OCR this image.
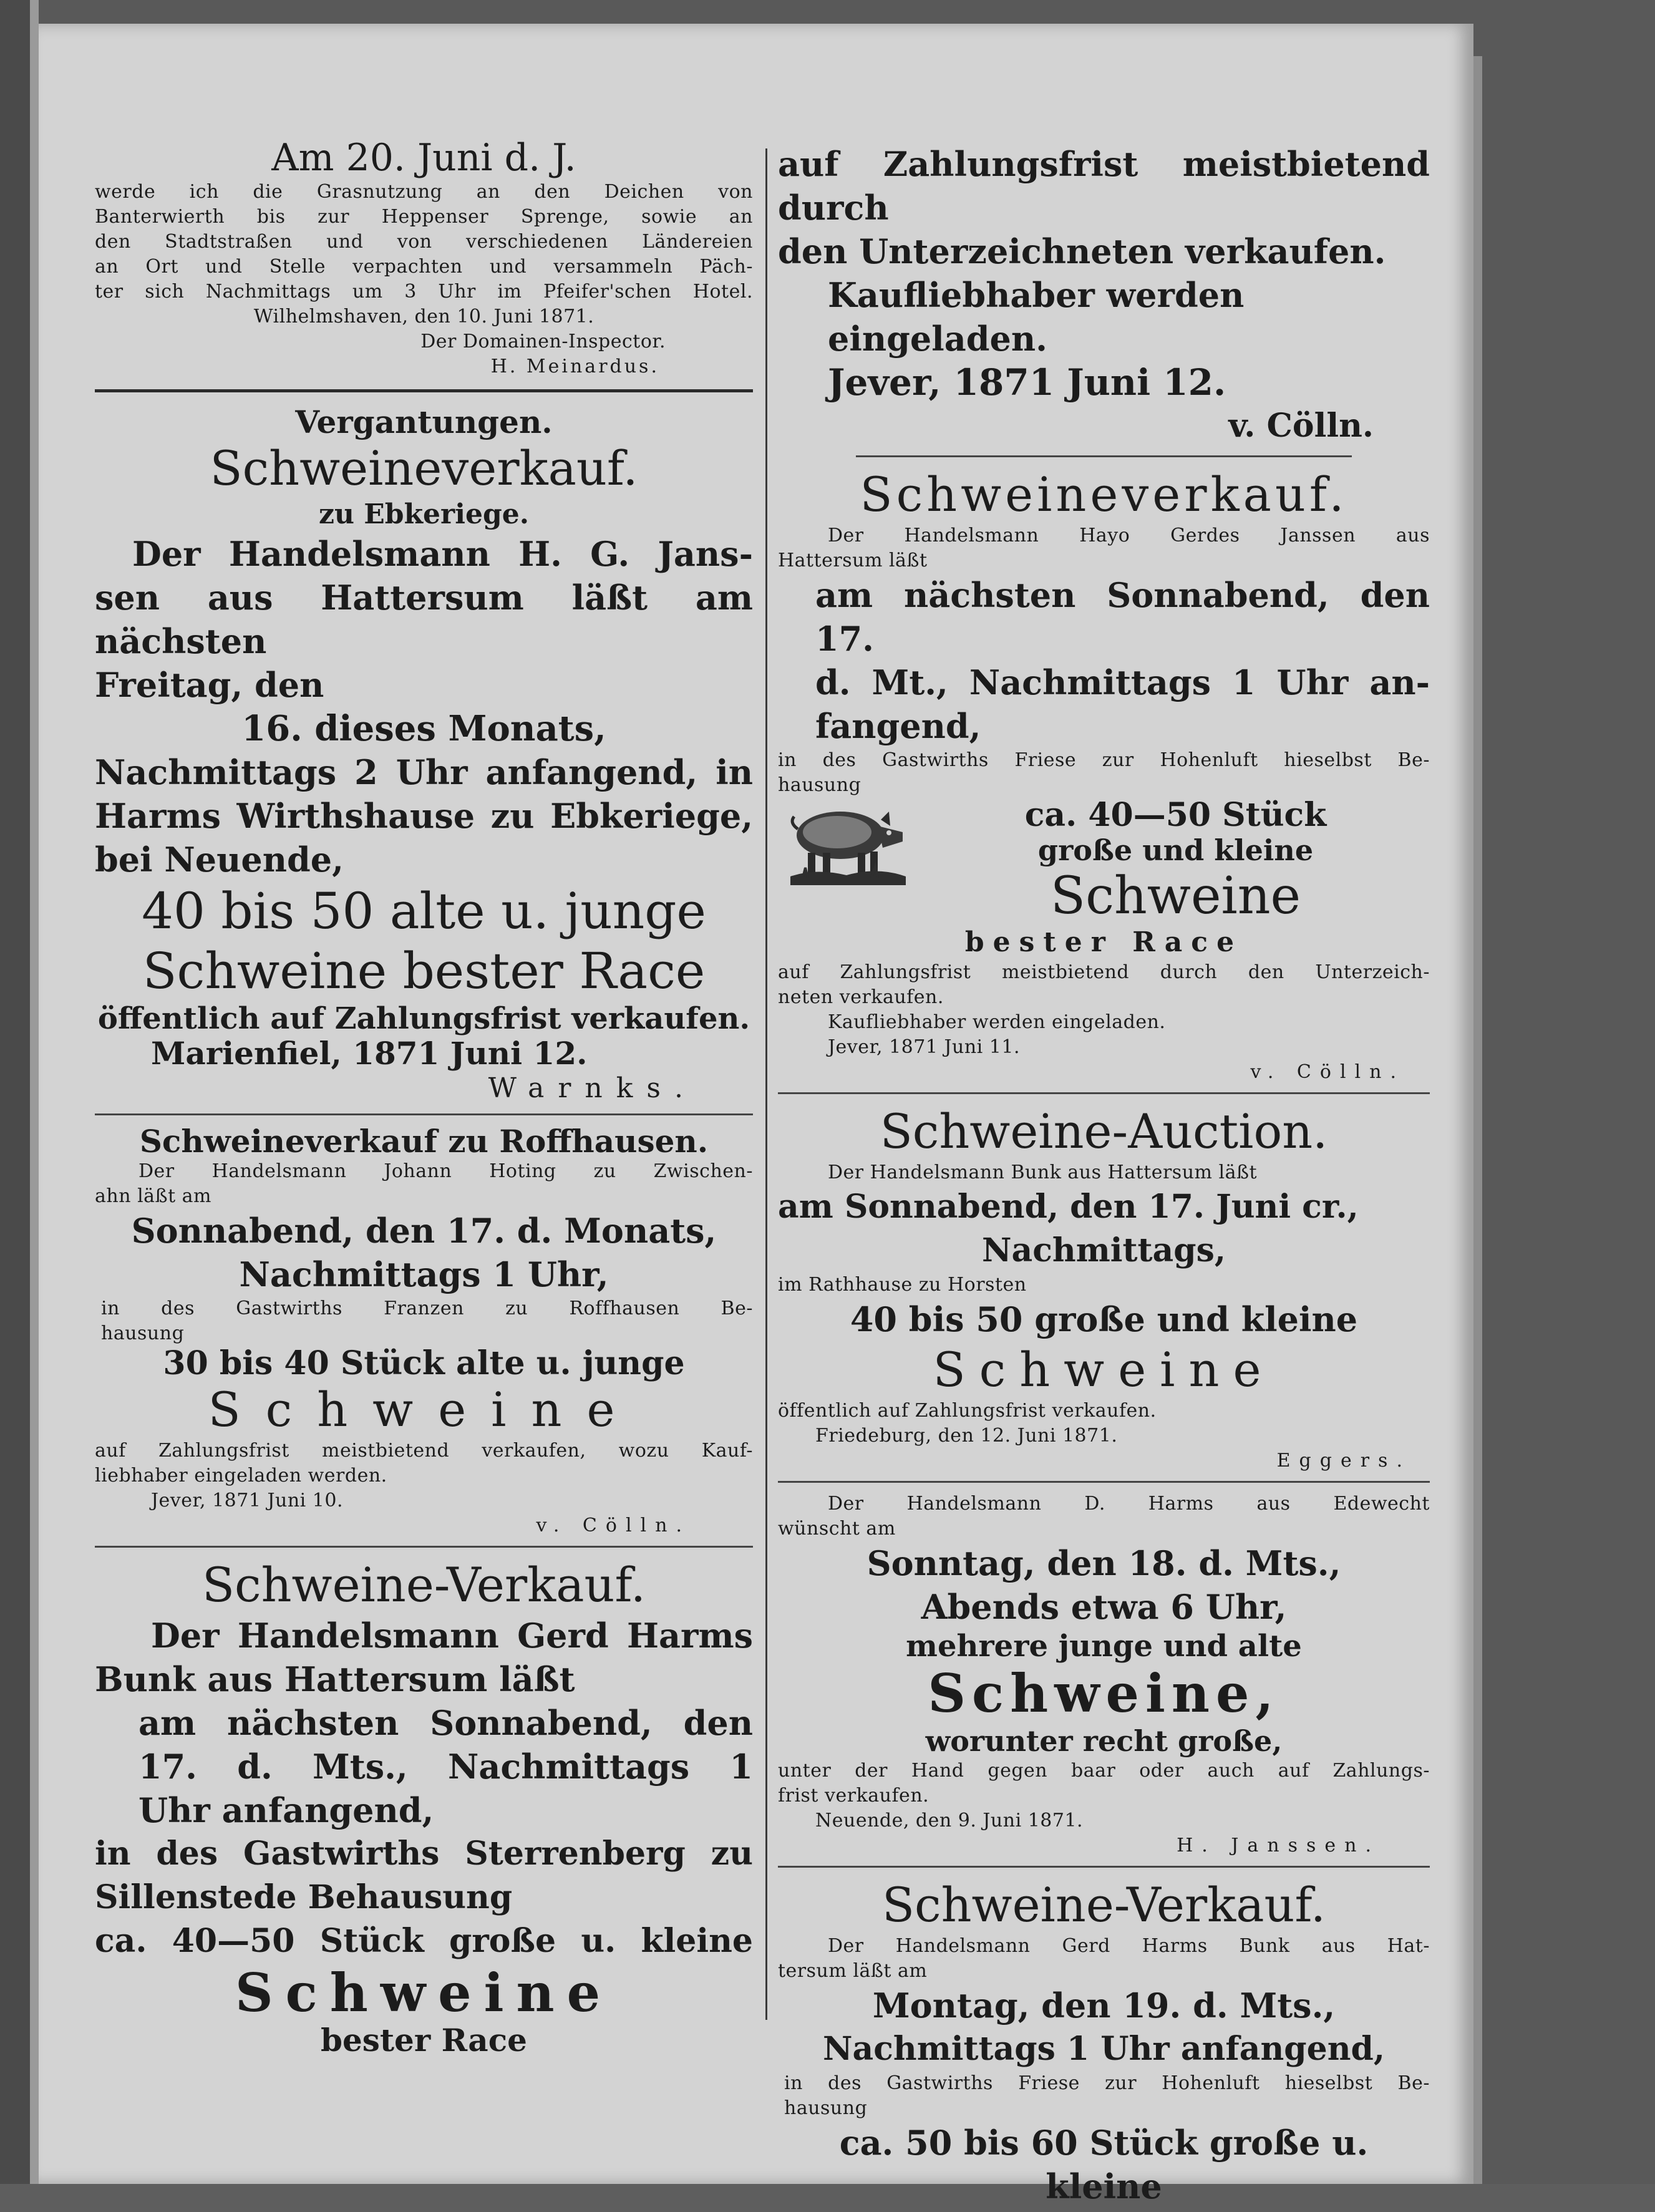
Am 20. Juni d. J.
werde ich die Grasnutzung an den Deichen von
Banterwierth bis zur Heppenser Sprenge, sowie an
den Stadtstraßen und von verschiedenen Ländereien
an Ort und Stelle verpachten und versammeln Päch-
ter sich Nachmittags um 3 Uhr im Pfeifer'schen Hotel.
Wilhelmshaven, den 10. Juni 1871.
Der Domainen-Inspector.
H. Meinardus.
Vergantungen.
Schweineverkauf.
zu Ebkeriege.
Der Handelsmann H. G. Jans-
sen aus Hattersum läßt am nächsten
Freitag, den
16. dieses Monats,
Nachmittags 2 Uhr anfangend, in
Harms Wirthshause zu Ebkeriege,
bei Neuende,
40 bis 50 alte u. junge
Schweine bester Race
öffentlich auf Zahlungsfrist verkaufen.
Marienfiel, 1871 Juni 12.
Warnks.
Schweineverkauf zu Roffhausen.
Der Handelsmann Johann Hoting zu Zwischen-
ahn läßt am
Sonnabend, den 17. d. Monats,
Nachmittags 1 Uhr,
in des Gastwirths Franzen zu Roffhausen Be-
hausung
30 bis 40 Stück alte u. junge
Schweine
auf Zahlungsfrist meistbietend verkaufen, wozu Kauf-
liebhaber eingeladen werden.
Jever, 1871 Juni 10.
v. Cölln.
Schweine-Verkauf.
Der Handelsmann Gerd Harms
Bunk aus Hattersum läßt
am nächsten Sonnabend, den
17. d. Mts., Nachmittags 1
Uhr anfangend,
in des Gastwirths Sterrenberg zu
Sillenstede Behausung
ca. 40—50 Stück große u. kleine
Schweine
bester Race
auf Zahlungsfrist meistbietend durch
den Unterzeichneten verkaufen.
Kaufliebhaber werden eingeladen.
Jever, 1871 Juni 12.
v. Cölln.
Schweineverkauf.
Der Handelsmann Hayo Gerdes Janssen aus
Hattersum läßt
am nächsten Sonnabend, den 17.
d. Mt., Nachmittags 1 Uhr an-
fangend,
in des Gastwirths Friese zur Hohenluft hieselbst Be-
hausung
ca. 40—50 Stück
große und kleine
Schweine
bester Race
auf Zahlungsfrist meistbietend durch den Unterzeich-
neten verkaufen.
Kaufliebhaber werden eingeladen.
Jever, 1871 Juni 11.
v. Cölln.
Schweine-Auction.
Der Handelsmann Bunk aus Hattersum läßt
am Sonnabend, den 17. Juni cr.,
Nachmittags,
im Rathhause zu Horsten
40 bis 50 große und kleine
Schweine
öffentlich auf Zahlungsfrist verkaufen.
Friedeburg, den 12. Juni 1871.
Eggers.
Der Handelsmann D. Harms aus Edewecht
wünscht am
Sonntag, den 18. d. Mts.,
Abends etwa 6 Uhr,
mehrere junge und alte
Schweine,
worunter recht große,
unter der Hand gegen baar oder auch auf Zahlungs-
frist verkaufen.
Neuende, den 9. Juni 1871.
H. Janssen.
Schweine-Verkauf.
Der Handelsmann Gerd Harms Bunk aus Hat-
tersum läßt am
Montag, den 19. d. Mts.,
Nachmittags 1 Uhr anfangend,
in des Gastwirths Friese zur Hohenluft hieselbst Be-
hausung
ca. 50 bis 60 Stück große u. kleine
